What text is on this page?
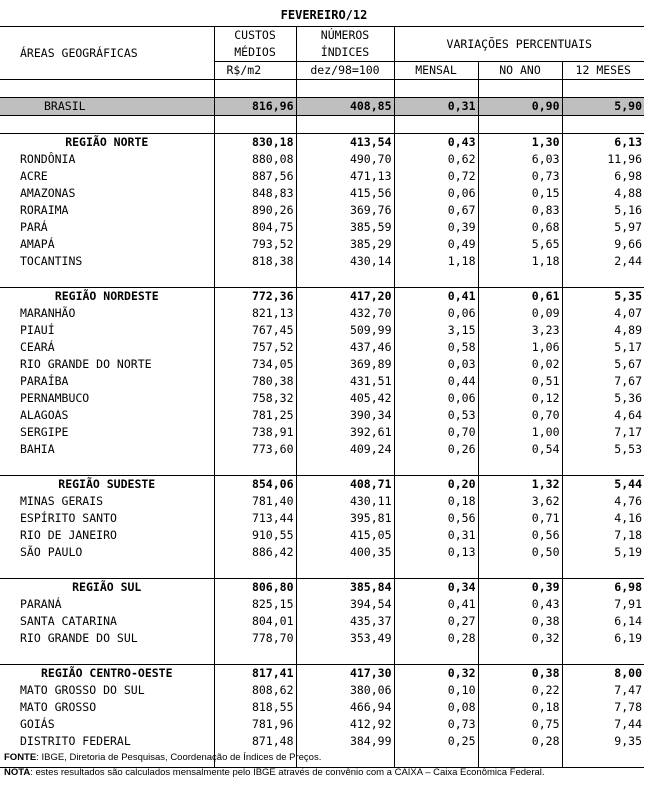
FEVEREIRO/12
ÁREAS GEOGRÁFICAS	CUSTOS	NÚMEROS	VARIAÇÕES PERCENTUAIS		
	MÉDIOS	ÍNDICES			
	R$/m2	dez/98=100	MENSAL	NO ANO	12 MESES

BRASIL	816,96	408,85	0,31	0,90	5,90

REGIÃO NORTE	830,18	413,54	0,43	1,30	6,13
RONDÔNIA	880,08	490,70	0,62	6,03	11,96
ACRE	887,56	471,13	0,72	0,73	6,98
AMAZONAS	848,83	415,56	0,06	0,15	4,88
RORAIMA	890,26	369,76	0,67	0,83	5,16
PARÁ	804,75	385,59	0,39	0,68	5,97
AMAPÁ	793,52	385,29	0,49	5,65	9,66
TOCANTINS	818,38	430,14	1,18	1,18	2,44

REGIÃO NORDESTE	772,36	417,20	0,41	0,61	5,35
MARANHÃO	821,13	432,70	0,06	0,09	4,07
PIAUÍ	767,45	509,99	3,15	3,23	4,89
CEARÁ	757,52	437,46	0,58	1,06	5,17
RIO GRANDE DO NORTE	734,05	369,89	0,03	0,02	5,67
PARAÍBA	780,38	431,51	0,44	0,51	7,67
PERNAMBUCO	758,32	405,42	0,06	0,12	5,36
ALAGOAS	781,25	390,34	0,53	0,70	4,64
SERGIPE	738,91	392,61	0,70	1,00	7,17
BAHIA	773,60	409,24	0,26	0,54	5,53

REGIÃO SUDESTE	854,06	408,71	0,20	1,32	5,44
MINAS GERAIS	781,40	430,11	0,18	3,62	4,76
ESPÍRITO SANTO	713,44	395,81	0,56	0,71	4,16
RIO DE JANEIRO	910,55	415,05	0,31	0,56	7,18
SÃO PAULO	886,42	400,35	0,13	0,50	5,19

REGIÃO SUL	806,80	385,84	0,34	0,39	6,98
PARANÁ	825,15	394,54	0,41	0,43	7,91
SANTA CATARINA	804,01	435,37	0,27	0,38	6,14
RIO GRANDE DO SUL	778,70	353,49	0,28	0,32	6,19

REGIÃO CENTRO-OESTE	817,41	417,30	0,32	0,38	8,00
MATO GROSSO DO SUL	808,62	380,06	0,10	0,22	7,47
MATO GROSSO	818,55	466,94	0,08	0,18	7,78
GOIÁS	781,96	412,92	0,73	0,75	7,44
DISTRITO FEDERAL	871,48	384,99	0,25	0,28	9,35

FONTE: IBGE, Diretoria de Pesquisas, Coordenação de Índices de Preços.
NOTA: estes resultados são calculados mensalmente pelo IBGE através de convênio com a CAIXA – Caixa Econômica Federal.
